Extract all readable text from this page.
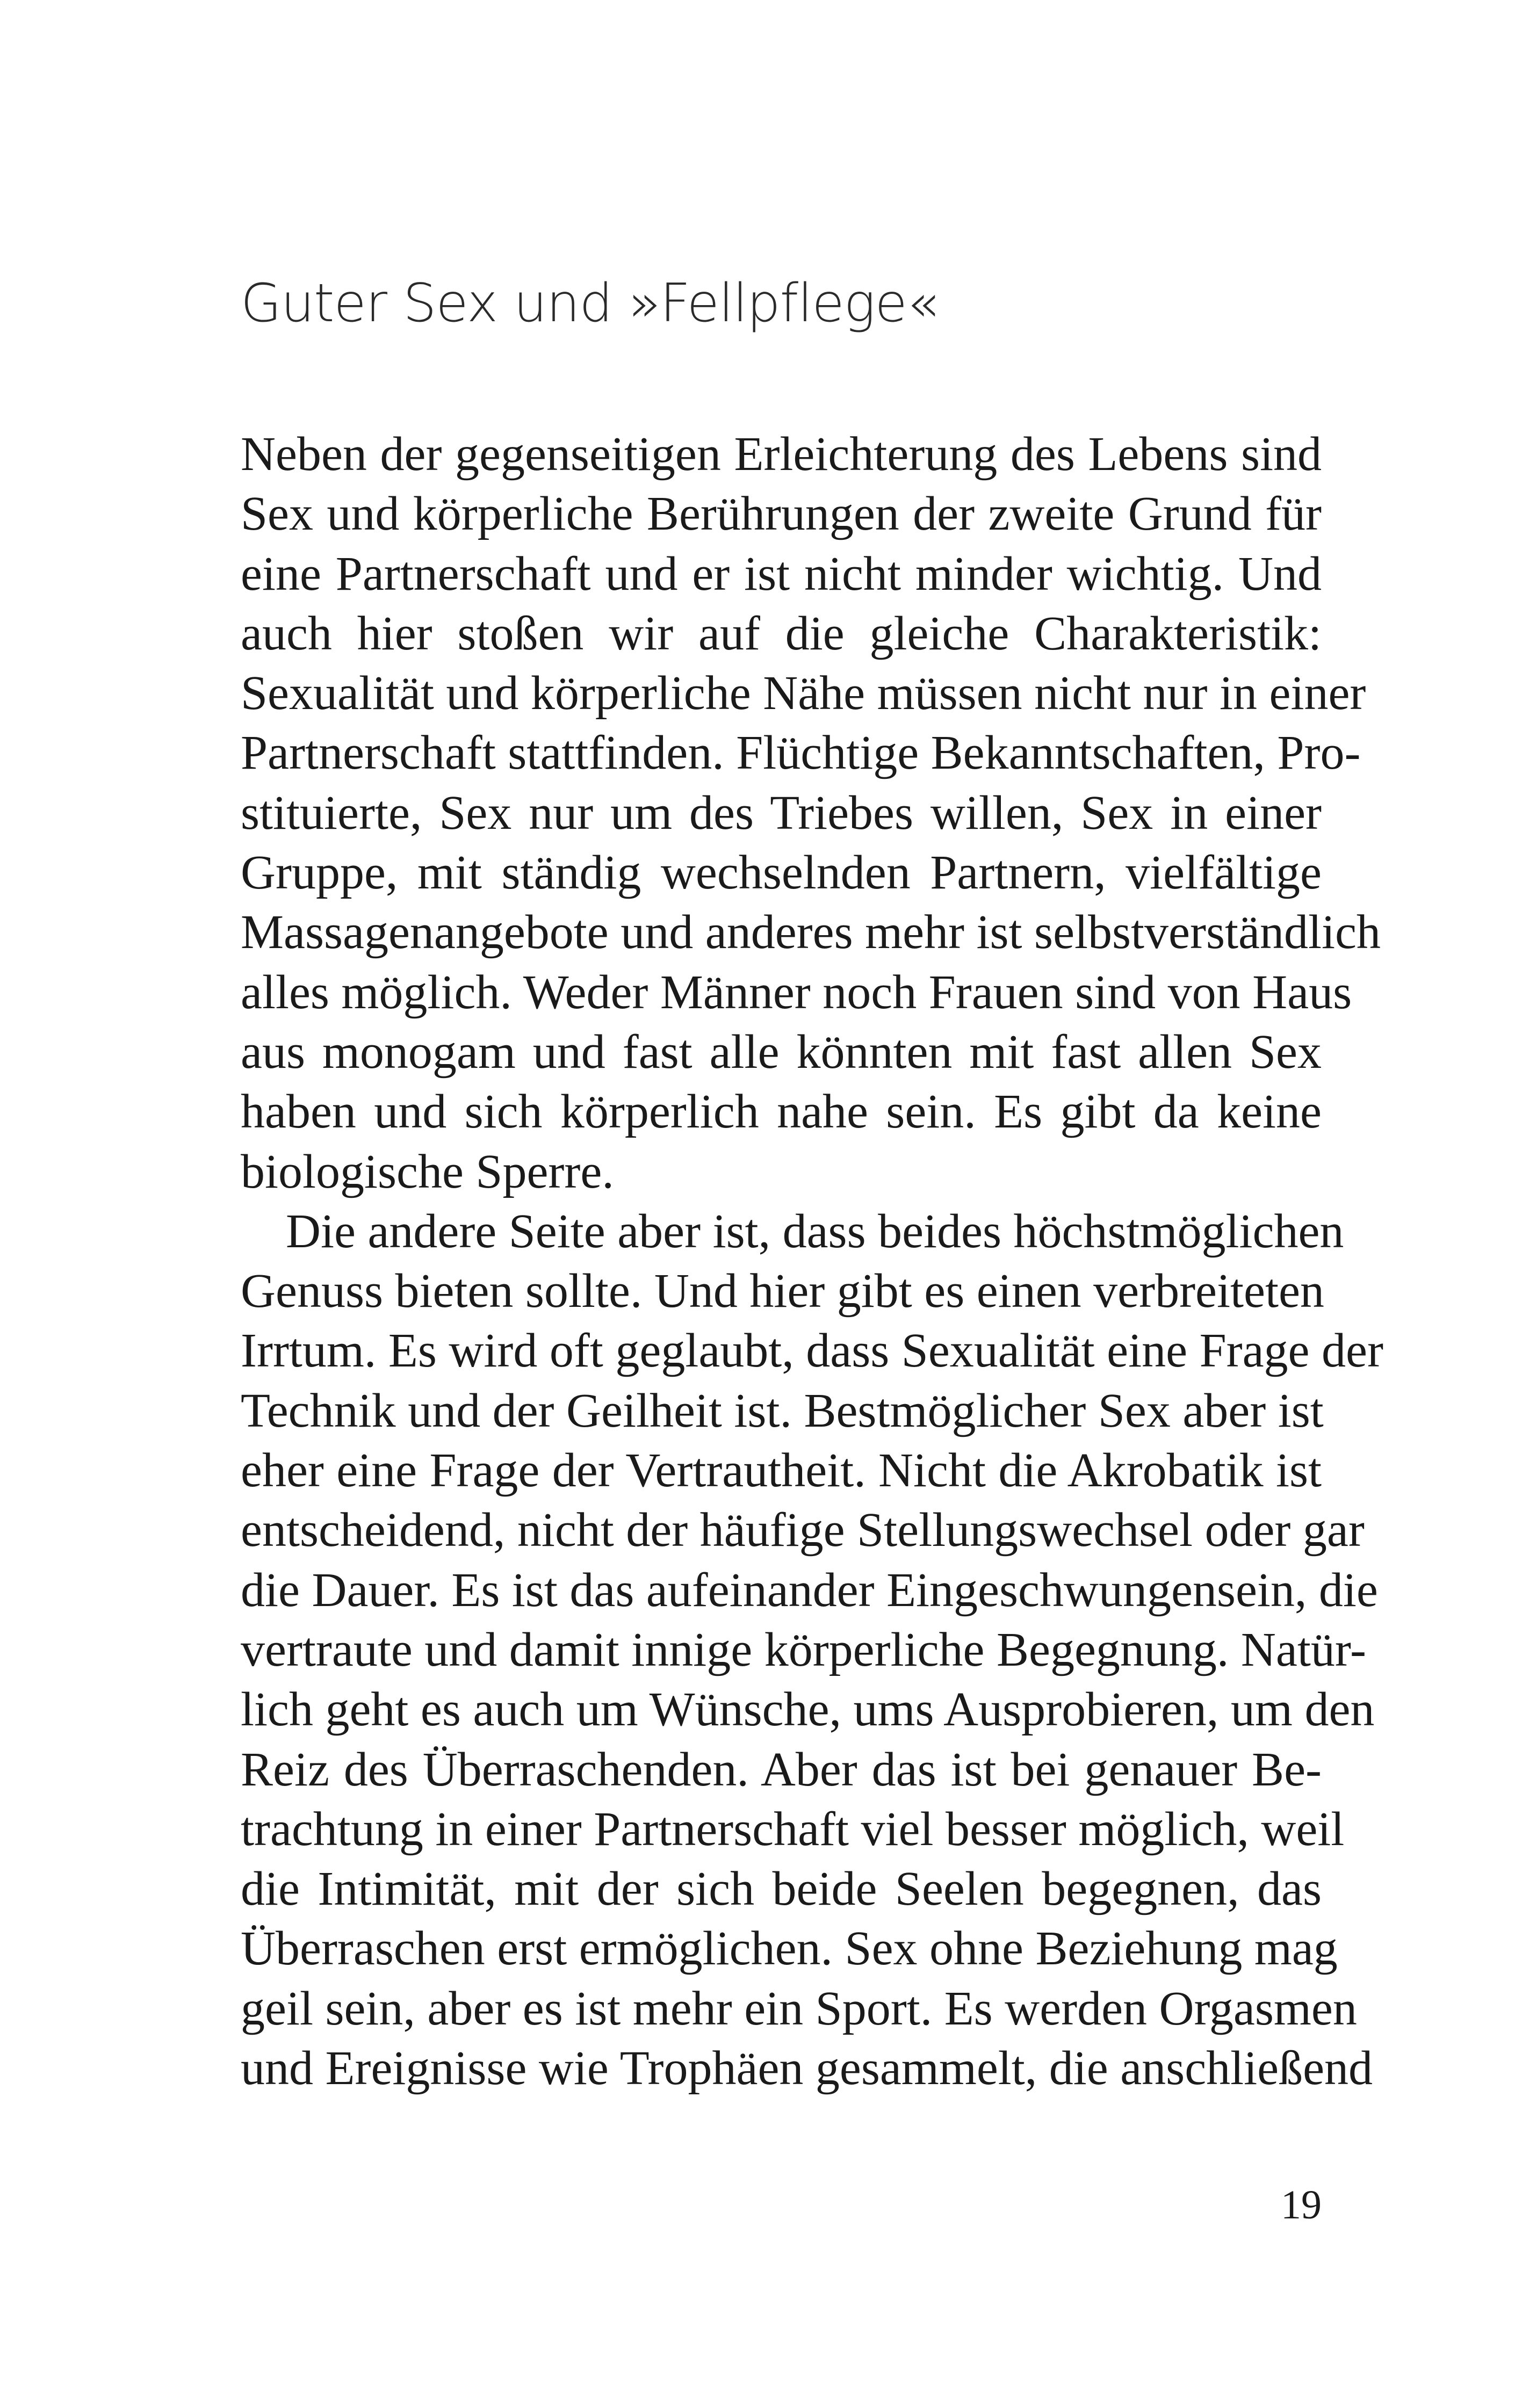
Guter Sex und »Fellpflege«
Neben der gegenseitigen Erleichterung des Lebens sind
Sex und körperliche Berührungen der zweite Grund für
eine Partnerschaft und er ist nicht minder wichtig. Und
auch hier stoßen wir auf die gleiche Charakteristik:
Sexualität und körperliche Nähe müssen nicht nur in einer
Partnerschaft stattfinden. Flüchtige Bekanntschaften, Pro-
stituierte, Sex nur um des Triebes willen, Sex in einer
Gruppe, mit ständig wechselnden Partnern, vielfältige
Massagenangebote und anderes mehr ist selbstverständlich
alles möglich. Weder Männer noch Frauen sind von Haus
aus monogam und fast alle könnten mit fast allen Sex
haben und sich körperlich nahe sein. Es gibt da keine
biologische Sperre.
Die andere Seite aber ist, dass beides höchstmöglichen
Genuss bieten sollte. Und hier gibt es einen verbreiteten
Irrtum. Es wird oft geglaubt, dass Sexualität eine Frage der
Technik und der Geilheit ist. Bestmöglicher Sex aber ist
eher eine Frage der Vertrautheit. Nicht die Akrobatik ist
entscheidend, nicht der häufige Stellungswechsel oder gar
die Dauer. Es ist das aufeinander Eingeschwungensein, die
vertraute und damit innige körperliche Begegnung. Natür-
lich geht es auch um Wünsche, ums Ausprobieren, um den
Reiz des Überraschenden. Aber das ist bei genauer Be-
trachtung in einer Partnerschaft viel besser möglich, weil
die Intimität, mit der sich beide Seelen begegnen, das
Überraschen erst ermöglichen. Sex ohne Beziehung mag
geil sein, aber es ist mehr ein Sport. Es werden Orgasmen
und Ereignisse wie Trophäen gesammelt, die anschließend
19
